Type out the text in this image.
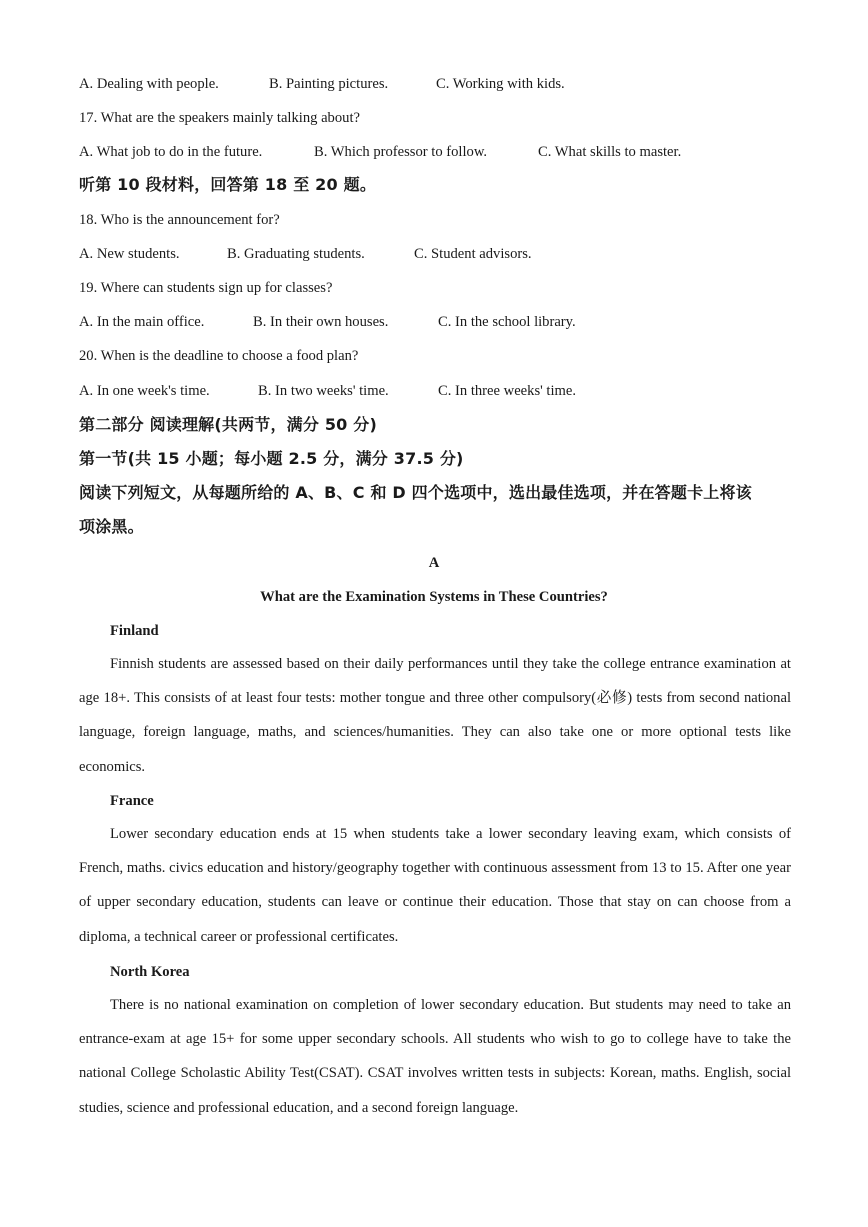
A. Dealing with people.	B. Painting pictures.	C. Working with kids.
17. What are the speakers mainly talking about?
A. What job to do in the future.	B. Which professor to follow.	C. What skills to master.
听第 10 段材料，回答第 18 至 20 题。
18. Who is the announcement for?
A. New students.	B. Graduating students.	C. Student advisors.
19. Where can students sign up for classes?
A. In the main office.	B. In their own houses.	C. In the school library.
20. When is the deadline to choose a food plan?
A. In one week's time.	B. In two weeks' time.	C. In three weeks' time.
第二部分 阅读理解(共两节，满分 50 分)
第一节(共 15 小题；每小题 2.5 分，满分 37.5 分)
阅读下列短文，从每题所给的 A、B、C 和 D 四个选项中，选出最佳选项，并在答题卡上将该
项涂黑。
A
What are the Examination Systems in These Countries?
Finland
Finnish students are assessed based on their daily performances until they take the college entrance examination at age 18+. This consists of at least four tests: mother tongue and three other compulsory(必修) tests from second national language, foreign language, maths, and sciences/humanities. They can also take one or more optional tests like economics.
France
Lower secondary education ends at 15 when students take a lower secondary leaving exam, which consists of French, maths. civics education and history/geography together with continuous assessment from 13 to 15. After one year of upper secondary education, students can leave or continue their education. Those that stay on can choose from a diploma, a technical career or professional certificates.
North Korea
There is no national examination on completion of lower secondary education. But students may need to take an entrance-exam at age 15+ for some upper secondary schools. All students who wish to go to college have to take the national College Scholastic Ability Test(CSAT). CSAT involves written tests in subjects: Korean, maths. English, social studies, science and professional education, and a second foreign language.
